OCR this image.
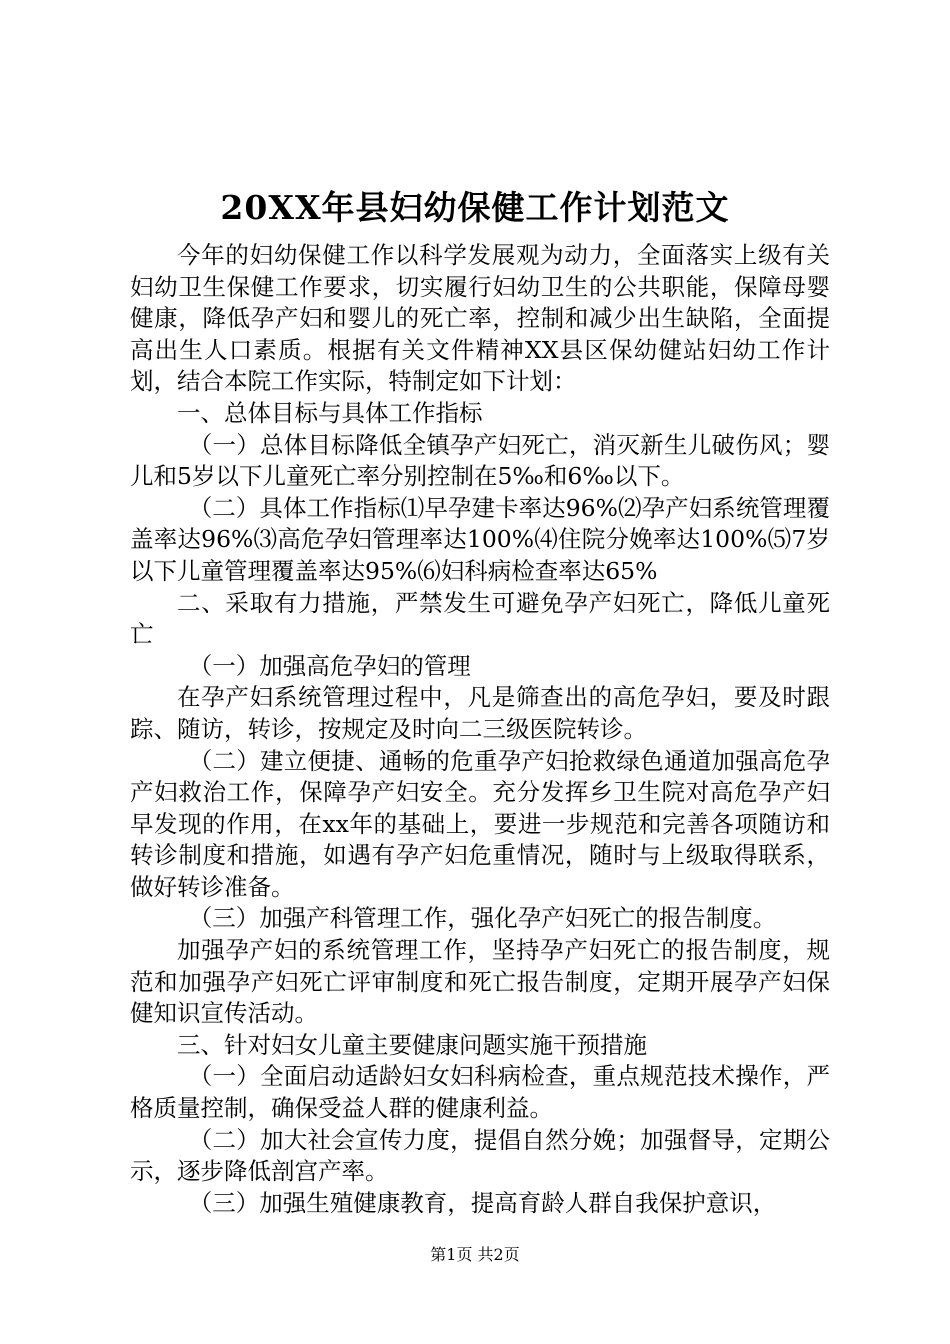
20XX年县妇幼保健工作计划范文

今年的妇幼保健工作以科学发展观为动力，全面落实上级有关妇幼卫生保健工作要求，切实履行妇幼卫生的公共职能，保障母婴健康，降低孕产妇和婴儿的死亡率，控制和减少出生缺陷，全面提高出生人口素质。根据有关文件精神XX县区保幼健站妇幼工作计划，结合本院工作实际，特制定如下计划：

一、总体目标与具体工作指标

（一）总体目标降低全镇孕产妇死亡，消灭新生儿破伤风；婴儿和5岁以下儿童死亡率分别控制在5‰和6‰以下。

（二）具体工作指标⑴早孕建卡率达96%⑵孕产妇系统管理覆盖率达96%⑶高危孕妇管理率达100%⑷住院分娩率达100%⑸7岁以下儿童管理覆盖率达95%⑹妇科病检查率达65%

二、采取有力措施，严禁发生可避免孕产妇死亡，降低儿童死亡

（一）加强高危孕妇的管理

在孕产妇系统管理过程中，凡是筛查出的高危孕妇，要及时跟踪、随访，转诊，按规定及时向二三级医院转诊。

（二）建立便捷、通畅的危重孕产妇抢救绿色通道加强高危孕产妇救治工作，保障孕产妇安全。充分发挥乡卫生院对高危孕产妇早发现的作用，在xx年的基础上，要进一步规范和完善各项随访和转诊制度和措施，如遇有孕产妇危重情况，随时与上级取得联系，做好转诊准备。

（三）加强产科管理工作，强化孕产妇死亡的报告制度。

加强孕产妇的系统管理工作，坚持孕产妇死亡的报告制度，规范和加强孕产妇死亡评审制度和死亡报告制度，定期开展孕产妇保健知识宣传活动。

三、针对妇女儿童主要健康问题实施干预措施

（一）全面启动适龄妇女妇科病检查，重点规范技术操作，严格质量控制，确保受益人群的健康利益。

（二）加大社会宣传力度，提倡自然分娩；加强督导，定期公示，逐步降低剖宫产率。

（三）加强生殖健康教育，提高育龄人群自我保护意识，

第1页 共2页
